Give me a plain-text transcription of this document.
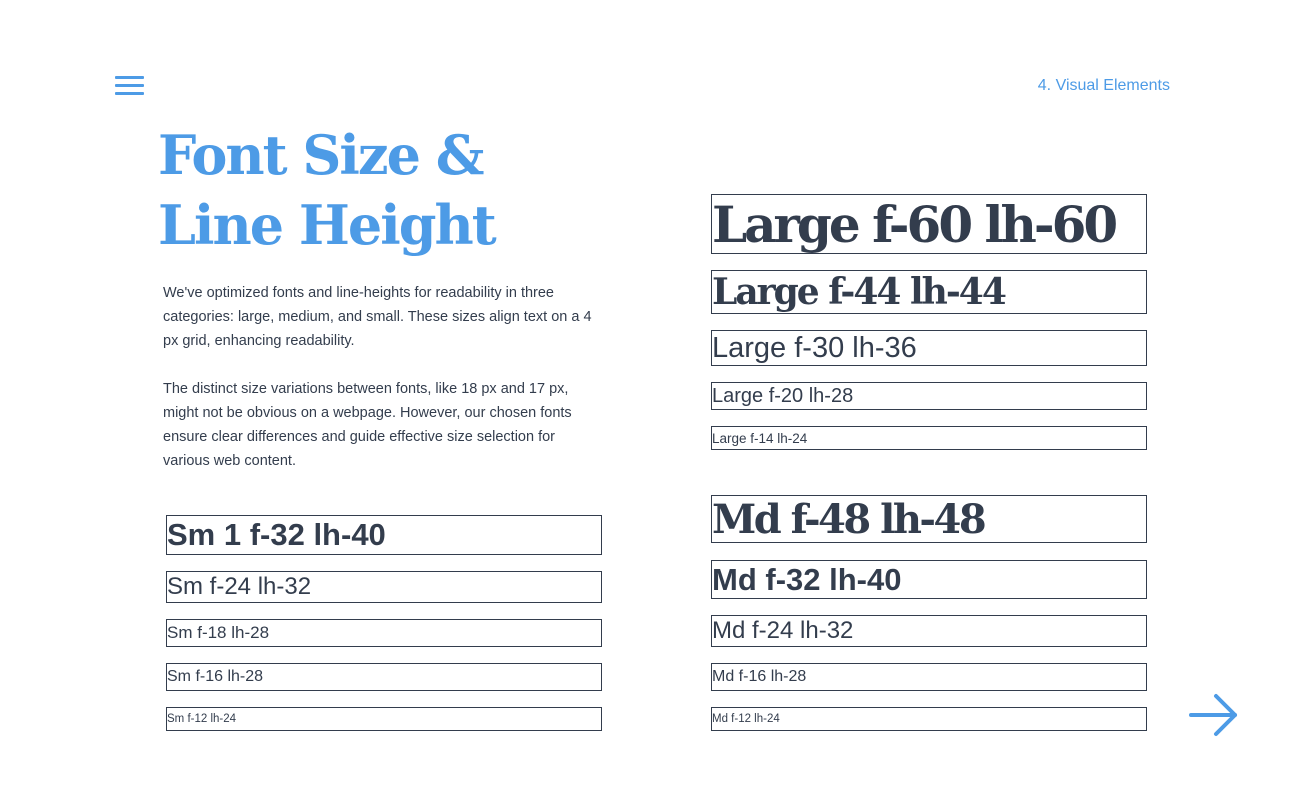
4. Visual Elements
Font Size & Line Height

We've optimized fonts and line-heights for readability in three categories: large, medium, and small. These sizes align text on a 4 px grid, enhancing readability.

The distinct size variations between fonts, like 18 px and 17 px, might not be obvious on a webpage. However, our chosen fonts ensure clear differences and guide effective size selection for various web content.

Sm 1 f-32 lh-40
Sm f-24 lh-32
Sm f-18 lh-28
Sm f-16 lh-28
Sm f-12 lh-24
Large f-60 lh-60
Large f-44 lh-44
Large f-30 lh-36
Large f-20 lh-28
Large f-14 lh-24
Md f-48 lh-48
Md f-32 lh-40
Md f-24 lh-32
Md f-16 lh-28
Md f-12 lh-24
